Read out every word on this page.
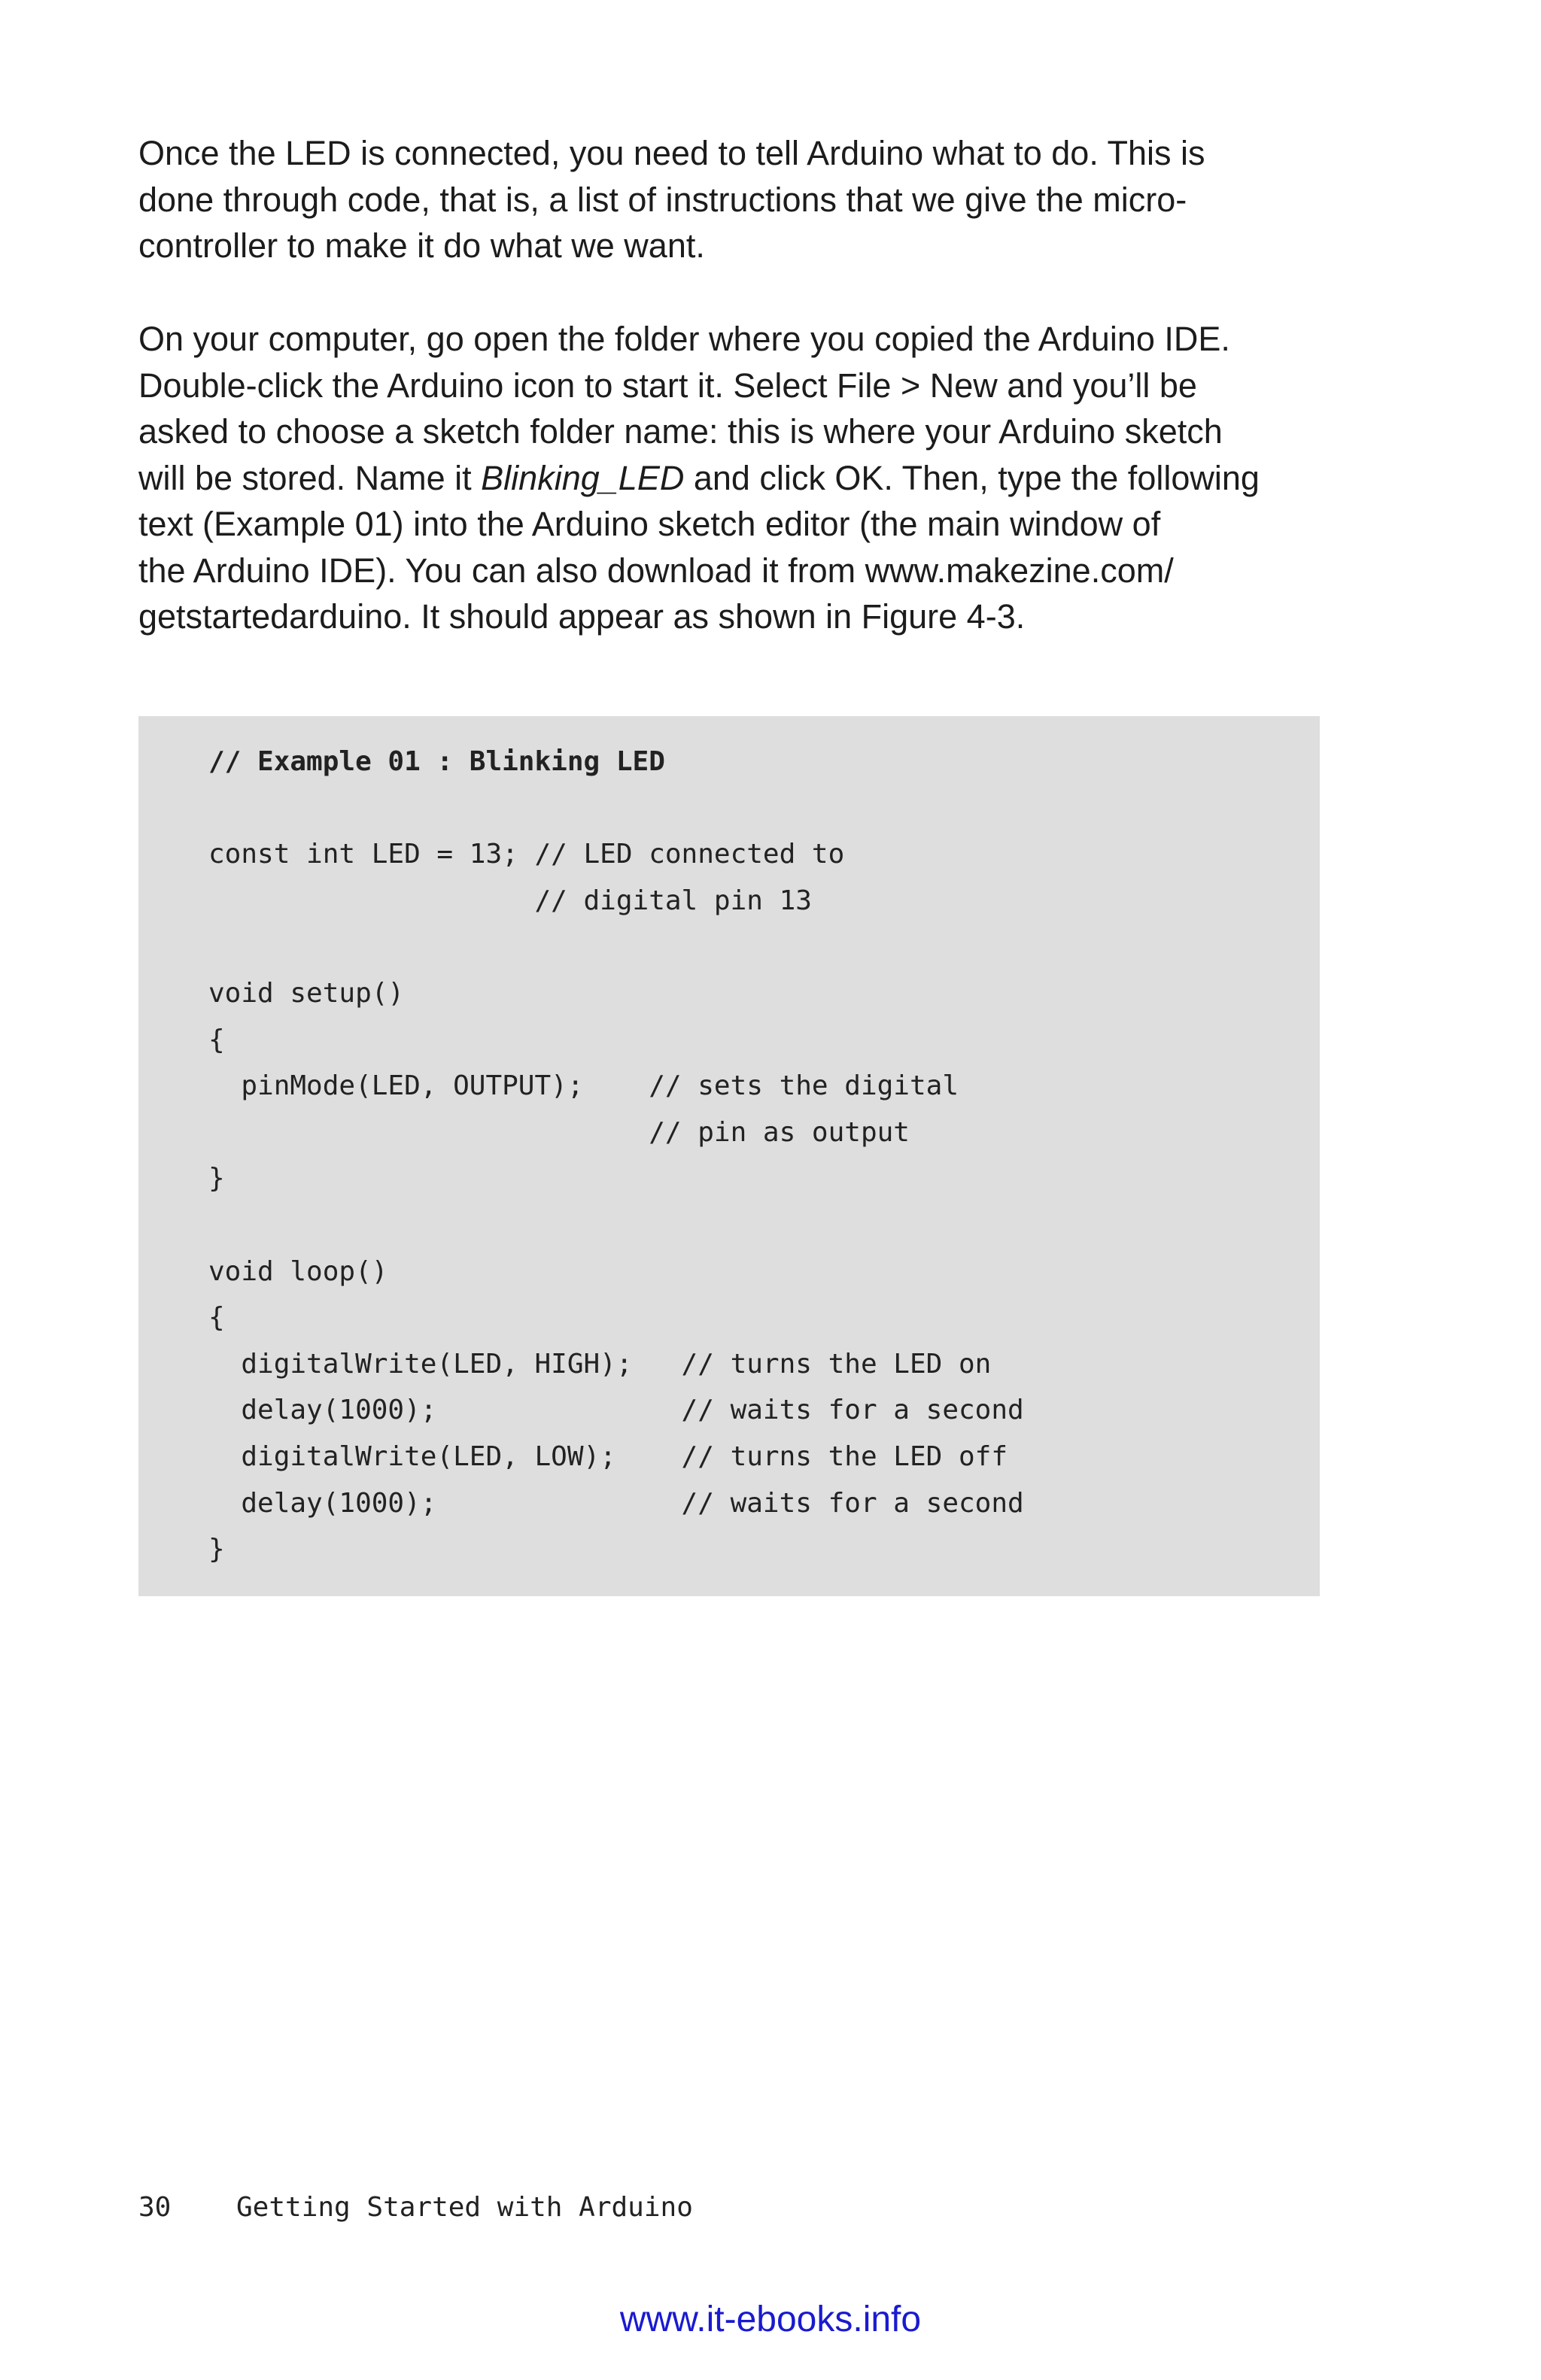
Once the LED is connected, you need to tell Arduino what to do. This is
done through code, that is, a list of instructions that we give the micro-
controller to make it do what we want.

On your computer, go open the folder where you copied the Arduino IDE.
Double-click the Arduino icon to start it. Select File > New and you’ll be
asked to choose a sketch folder name: this is where your Arduino sketch
will be stored. Name it Blinking_LED and click OK. Then, type the following
text (Example 01) into the Arduino sketch editor (the main window of
the Arduino IDE). You can also download it from www.makezine.com/
getstartedarduino. It should appear as shown in Figure 4-3.

// Example 01 : Blinking LED
const int LED = 13; // LED connected to
// digital pin 13
void setup()
{
pinMode(LED, OUTPUT);    // sets the digital
// pin as output
}
void loop()
{
digitalWrite(LED, HIGH);   // turns the LED on
delay(1000);               // waits for a second
digitalWrite(LED, LOW);    // turns the LED off
delay(1000);               // waits for a second
}
30 Getting Started with Arduino
www.it-ebooks.info
